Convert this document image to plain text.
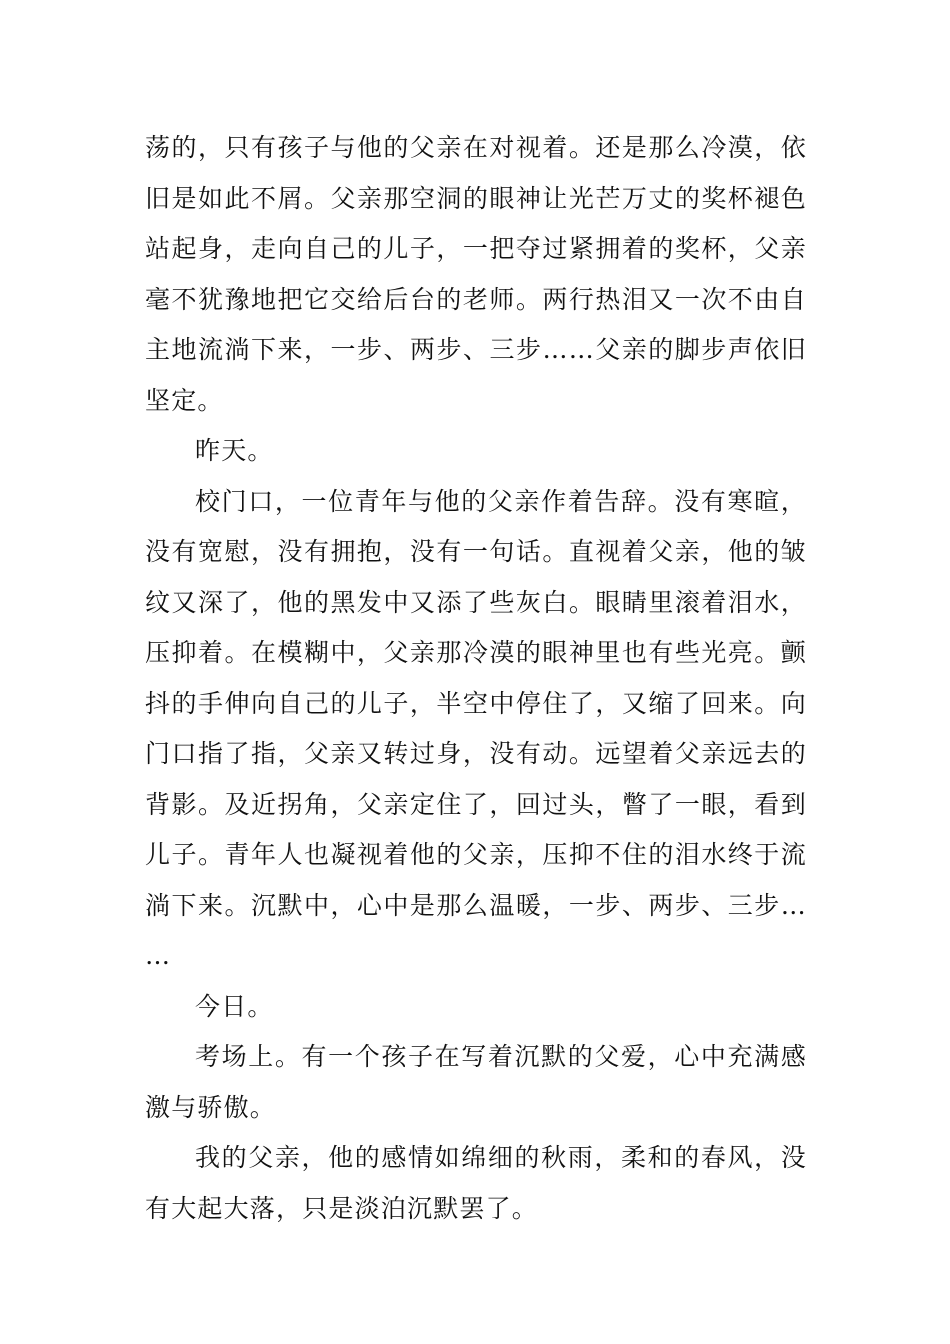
荡的，只有孩子与他的父亲在对视着。还是那么冷漠，依
旧是如此不屑。父亲那空洞的眼神让光芒万丈的奖杯褪色
站起身，走向自己的儿子，一把夺过紧拥着的奖杯，父亲
毫不犹豫地把它交给后台的老师。两行热泪又一次不由自
主地流淌下来，一步、两步、三步……父亲的脚步声依旧
坚定。
昨天。
校门口，一位青年与他的父亲作着告辞。没有寒暄，
没有宽慰，没有拥抱，没有一句话。直视着父亲，他的皱
纹又深了，他的黑发中又添了些灰白。眼睛里滚着泪水，
压抑着。在模糊中，父亲那冷漠的眼神里也有些光亮。颤
抖的手伸向自己的儿子，半空中停住了，又缩了回来。向
门口指了指，父亲又转过身，没有动。远望着父亲远去的
背影。及近拐角，父亲定住了，回过头，瞥了一眼，看到
儿子。青年人也凝视着他的父亲，压抑不住的泪水终于流
淌下来。沉默中，心中是那么温暖，一步、两步、三步…
…
今日。
考场上。有一个孩子在写着沉默的父爱，心中充满感
激与骄傲。
我的父亲，他的感情如绵细的秋雨，柔和的春风，没
有大起大落，只是淡泊沉默罢了。
